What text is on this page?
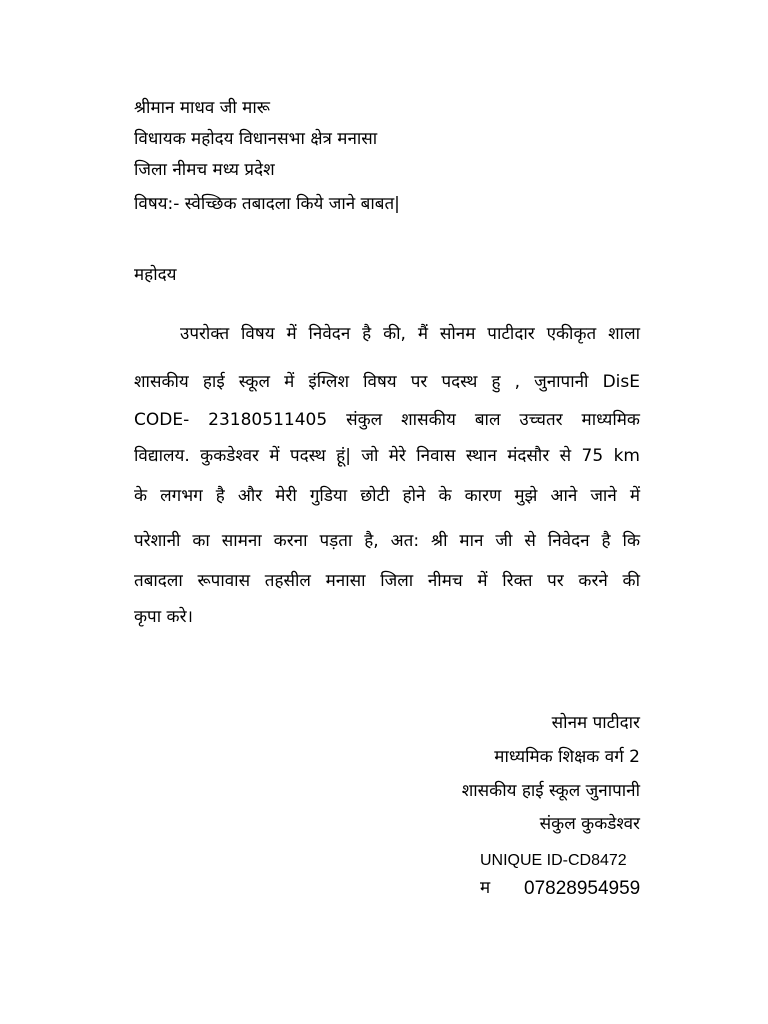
श्रीमान माधव जी मारू
विधायक महोदय विधानसभा क्षेत्र मनासा
जिला नीमच मध्य प्रदेश
विषय:- स्वेच्छिक तबादला किये जाने बाबत|
महोदय
उपरोक्त विषय में निवेदन है की, मैं सोनम पाटीदार एकीकृत शाला
शासकीय हाई स्कूल में इंग्लिश विषय पर पदस्थ हु , जुनापानी DisE
CODE- 23180511405 संकुल शासकीय बाल उच्चतर माध्यमिक
विद्यालय. कुकडेश्वर में पदस्थ हूं| जो मेरे निवास स्थान मंदसौर से 75 km
के लगभग है और मेरी गुडिया छोटी होने के कारण मुझे आने जाने में
परेशानी का सामना करना पड़ता है, अत: श्री मान जी से निवेदन है कि
तबादला रूपावास तहसील मनासा जिला नीमच में रिक्त पर करने की
कृपा करे।
सोनम पाटीदार
माध्यमिक शिक्षक वर्ग 2
शासकीय हाई स्कूल जुनापानी
संकुल कुकडेश्वर
UNIQUE ID-CD8472
म 07828954959
